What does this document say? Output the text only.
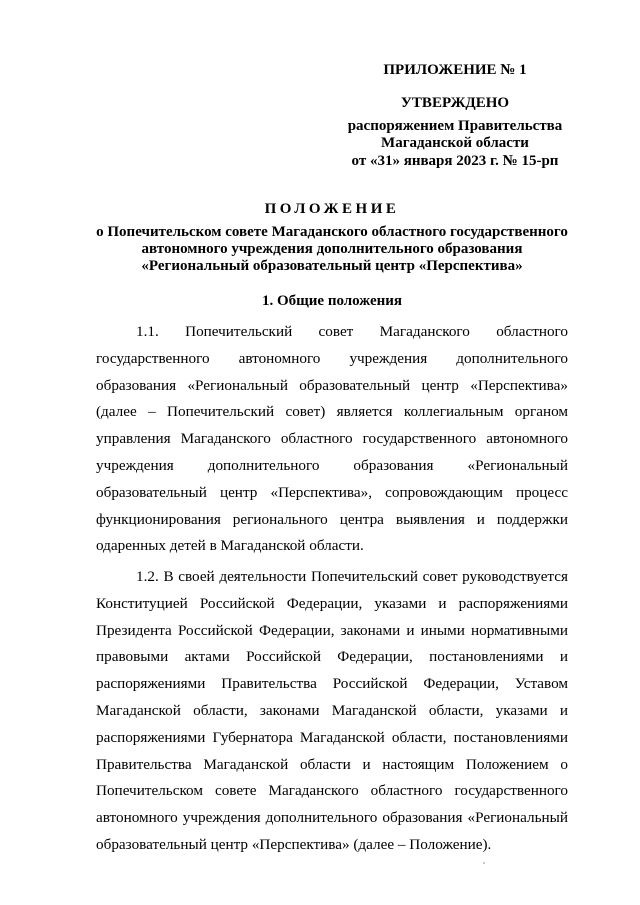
ПРИЛОЖЕНИЕ № 1
УТВЕРЖДЕНО
распоряжением Правительства
Магаданской области
от «31» января 2023 г. № 15-рп
ПОЛОЖЕНИЕ
о Попечительском совете Магаданского областного государственного автономного учреждения дополнительного образования «Региональный образовательный центр «Перспектива»
1. Общие положения

1.1. Попечительский совет Магаданского областного государственного автономного учреждения дополнительного образования «Региональный образовательный центр «Перспектива» (далее – Попечительский совет) является коллегиальным органом управления Магаданского областного государственного автономного учреждения дополнительного образования «Региональный образовательный центр «Перспектива», сопровождающим процесс функционирования регионального центра выявления и поддержки одаренных детей в Магаданской области.

1.2. В своей деятельности Попечительский совет руководствуется Конституцией Российской Федерации, указами и распоряжениями Президента Российской Федерации, законами и иными нормативными правовыми актами Российской Федерации, постановлениями и распоряжениями Правительства Российской Федерации, Уставом Магаданской области, законами Магаданской области, указами и распоряжениями Губернатора Магаданской области, постановлениями Правительства Магаданской области и настоящим Положением о Попечительском совете Магаданского областного государственного автономного учреждения дополнительного образования «Региональный образовательный центр «Перспектива» (далее – Положение).
